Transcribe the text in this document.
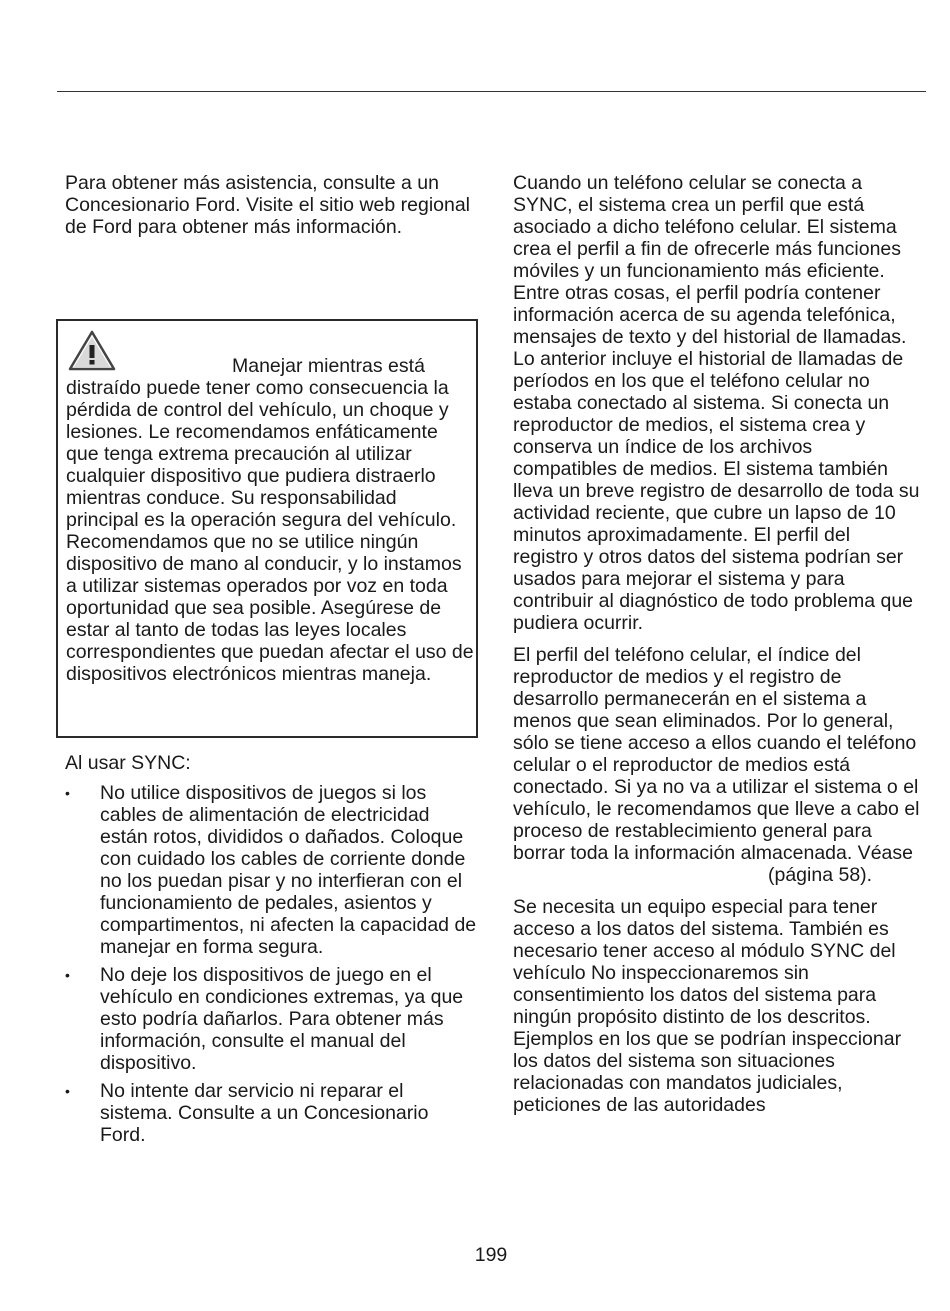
Para obtener más asistencia, consulte a un Concesionario Ford. Visite el sitio web regional de Ford para obtener más información.

Manejar mientras está distraído puede tener como consecuencia la pérdida de control del vehículo, un choque y lesiones. Le recomendamos enfáticamente que tenga extrema precaución al utilizar cualquier dispositivo que pudiera distraerlo mientras conduce. Su responsabilidad principal es la operación segura del vehículo. Recomendamos que no se utilice ningún dispositivo de mano al conducir, y lo instamos a utilizar sistemas operados por voz en toda oportunidad que sea posible. Asegúrese de estar al tanto de todas las leyes locales correspondientes que puedan afectar el uso de dispositivos electrónicos mientras maneja.

Al usar SYNC:

• No utilice dispositivos de juegos si los cables de alimentación de electricidad están rotos, divididos o dañados. Coloque con cuidado los cables de corriente donde no los puedan pisar y no interfieran con el funcionamiento de pedales, asientos y compartimentos, ni afecten la capacidad de manejar en forma segura.
• No deje los dispositivos de juego en el vehículo en condiciones extremas, ya que esto podría dañarlos. Para obtener más información, consulte el manual del dispositivo.
• No intente dar servicio ni reparar el sistema. Consulte a un Concesionario Ford.

Cuando un teléfono celular se conecta a SYNC, el sistema crea un perfil que está asociado a dicho teléfono celular. El sistema crea el perfil a fin de ofrecerle más funciones móviles y un funcionamiento más eficiente. Entre otras cosas, el perfil podría contener información acerca de su agenda telefónica, mensajes de texto y del historial de llamadas. Lo anterior incluye el historial de llamadas de períodos en los que el teléfono celular no estaba conectado al sistema. Si conecta un reproductor de medios, el sistema crea y conserva un índice de los archivos compatibles de medios. El sistema también lleva un breve registro de desarrollo de toda su actividad reciente, que cubre un lapso de 10 minutos aproximadamente. El perfil del registro y otros datos del sistema podrían ser usados para mejorar el sistema y para contribuir al diagnóstico de todo problema que pudiera ocurrir.

El perfil del teléfono celular, el índice del reproductor de medios y el registro de desarrollo permanecerán en el sistema a menos que sean eliminados. Por lo general, sólo se tiene acceso a ellos cuando el teléfono celular o el reproductor de medios está conectado. Si ya no va a utilizar el sistema o el vehículo, le recomendamos que lleve a cabo el proceso de restablecimiento general para borrar toda la información almacenada. Véase

(página 58).

Se necesita un equipo especial para tener acceso a los datos del sistema. También es necesario tener acceso al módulo SYNC del vehículo No inspeccionaremos sin consentimiento los datos del sistema para ningún propósito distinto de los descritos. Ejemplos en los que se podrían inspeccionar los datos del sistema son situaciones relacionadas con mandatos judiciales, peticiones de las autoridades

199
